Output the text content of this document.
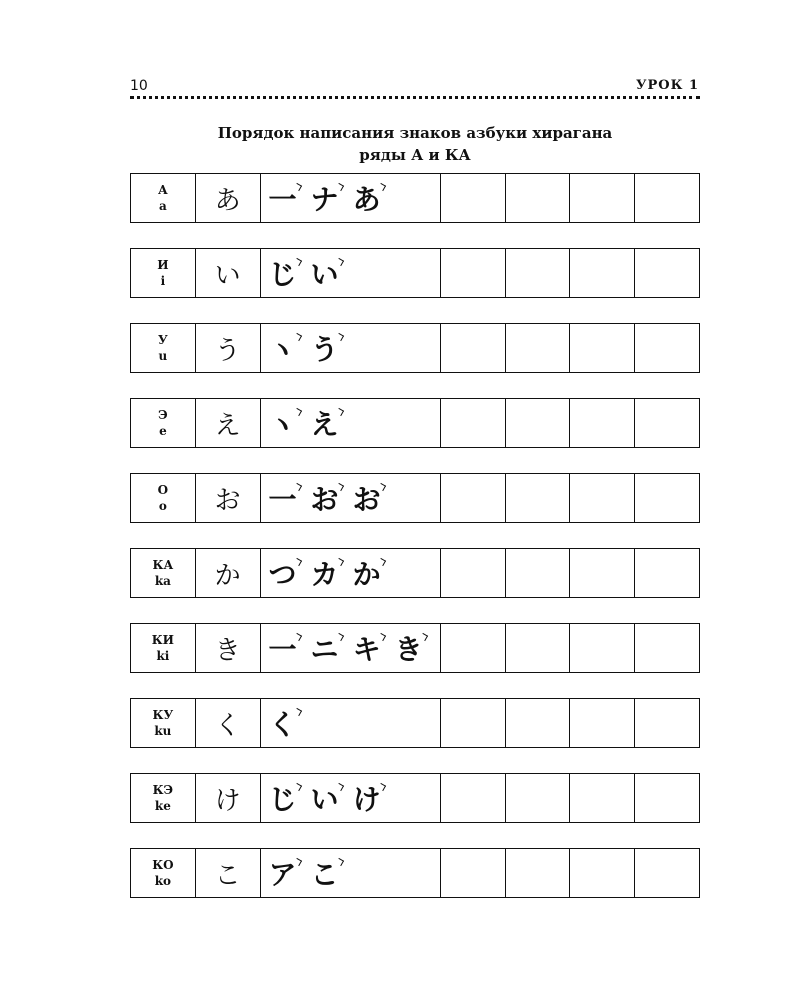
10	УРОК 1
Порядок написания знаков азбуки хирагана
ряды А и КА
А
a	あ 一 ナ あ
И
i	い じ い
У
u	う ヽ う
Э
e	え ヽ え
О
o	お 一 お お
КА
ka	か つ カ か
КИ
ki	き 一 ニ キ き
КУ
ku	く く
КЭ
ke	け じ い け
КО
ko	こ ア こ
